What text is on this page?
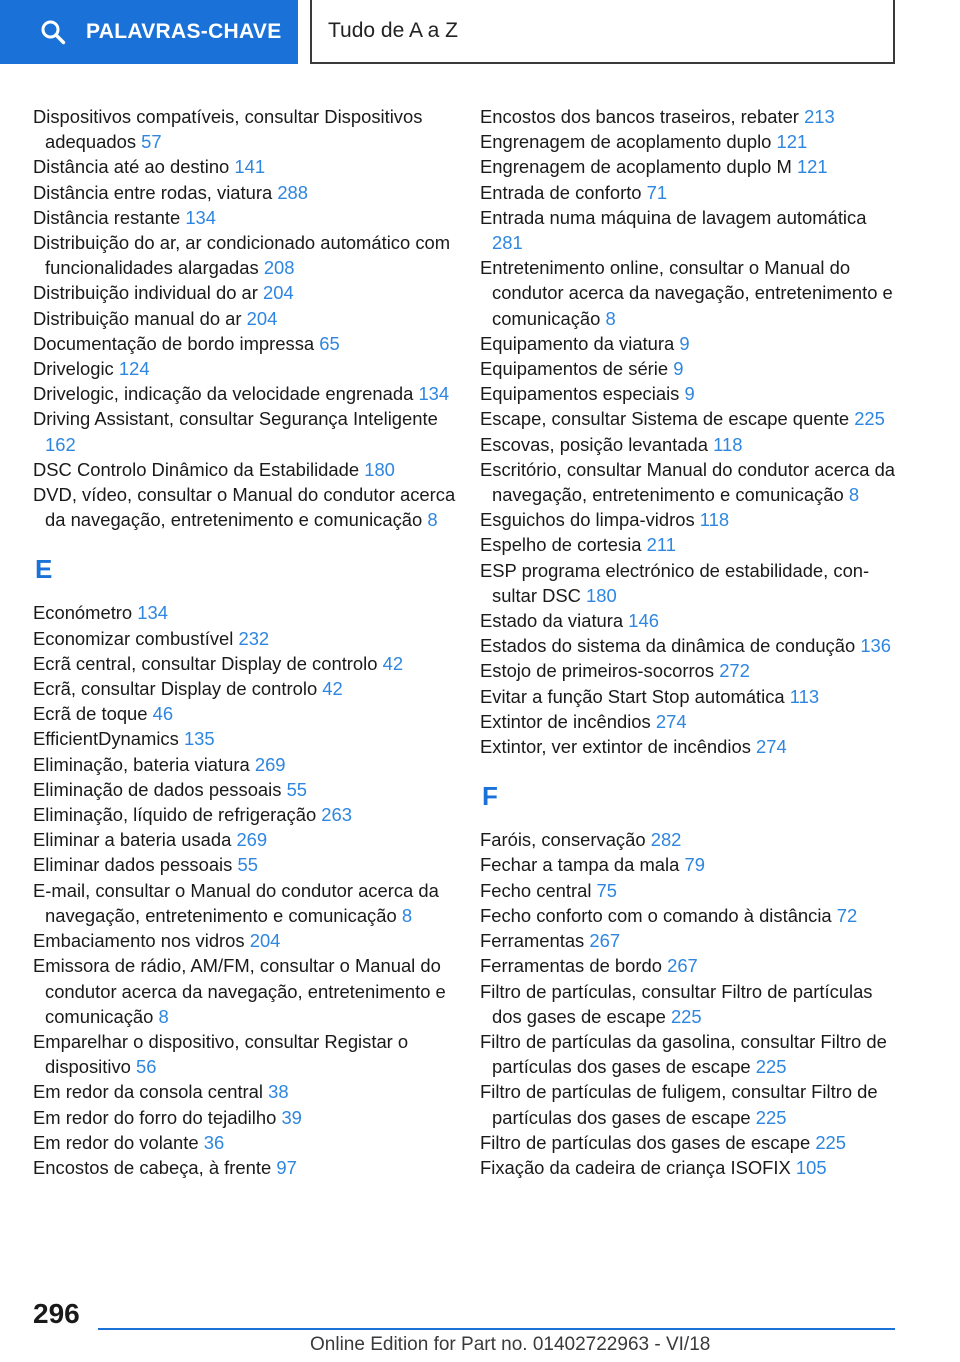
PALAVRAS-CHAVE Tudo de A a Z

Dispositivos compatíveis, consultar Dispositivos adequados 57

Distância até ao destino 141

Distância entre rodas, viatura 288

Distância restante 134

Distribuição do ar, ar condicionado automático com funcionalidades alargadas 208

Distribuição individual do ar 204

Distribuição manual do ar 204

Documentação de bordo impressa 65

Drivelogic 124

Drivelogic, indicação da velocidade engrenada 134

Driving Assistant, consultar Segurança Inteligente 162

DSC Controlo Dinâmico da Estabilidade 180

DVD, vídeo, consultar o Manual do condutor acerca da navegação, entretenimento e comunicação 8

E

Económetro 134

Economizar combustível 232

Ecrã central, consultar Display de controlo 42

Ecrã, consultar Display de controlo 42

Ecrã de toque 46

EfficientDynamics 135

Eliminação, bateria viatura 269

Eliminação de dados pessoais 55

Eliminação, líquido de refrigeração 263

Eliminar a bateria usada 269

Eliminar dados pessoais 55

E-mail, consultar o Manual do condutor acerca da navegação, entretenimento e comunicação 8

Embaciamento nos vidros 204

Emissora de rádio, AM/FM, consultar o Manual do condutor acerca da navegação, entretenimento e comunicação 8

Emparelhar o dispositivo, consultar Registar o dispositivo 56

Em redor da consola central 38

Em redor do forro do tejadilho 39

Em redor do volante 36

Encostos de cabeça, à frente 97

Encostos dos bancos traseiros, rebater 213

Engrenagem de acoplamento duplo 121

Engrenagem de acoplamento duplo M 121

Entrada de conforto 71

Entrada numa máquina de lavagem automática 281

Entretenimento online, consultar o Manual do condutor acerca da navegação, entretenimento e comunicação 8

Equipamento da viatura 9

Equipamentos de série 9

Equipamentos especiais 9

Escape, consultar Sistema de escape quente 225

Escovas, posição levantada 118

Escritório, consultar Manual do condutor acerca da navegação, entretenimento e comunicação 8

Esguichos do limpa-vidros 118

Espelho de cortesia 211

ESP programa electrónico de estabilidade, consultar DSC 180

Estado da viatura 146

Estados do sistema da dinâmica de condução 136

Estojo de primeiros-socorros 272

Evitar a função Start Stop automática 113

Extintor de incêndios 274

Extintor, ver extintor de incêndios 274

F

Faróis, conservação 282

Fechar a tampa da mala 79

Fecho central 75

Fecho conforto com o comando à distância 72

Ferramentas 267

Ferramentas de bordo 267

Filtro de partículas, consultar Filtro de partículas dos gases de escape 225

Filtro de partículas da gasolina, consultar Filtro de partículas dos gases de escape 225

Filtro de partículas de fuligem, consultar Filtro de partículas dos gases de escape 225

Filtro de partículas dos gases de escape 225

Fixação da cadeira de criança ISOFIX 105

296
Online Edition for Part no. 01402722963 - VI/18
